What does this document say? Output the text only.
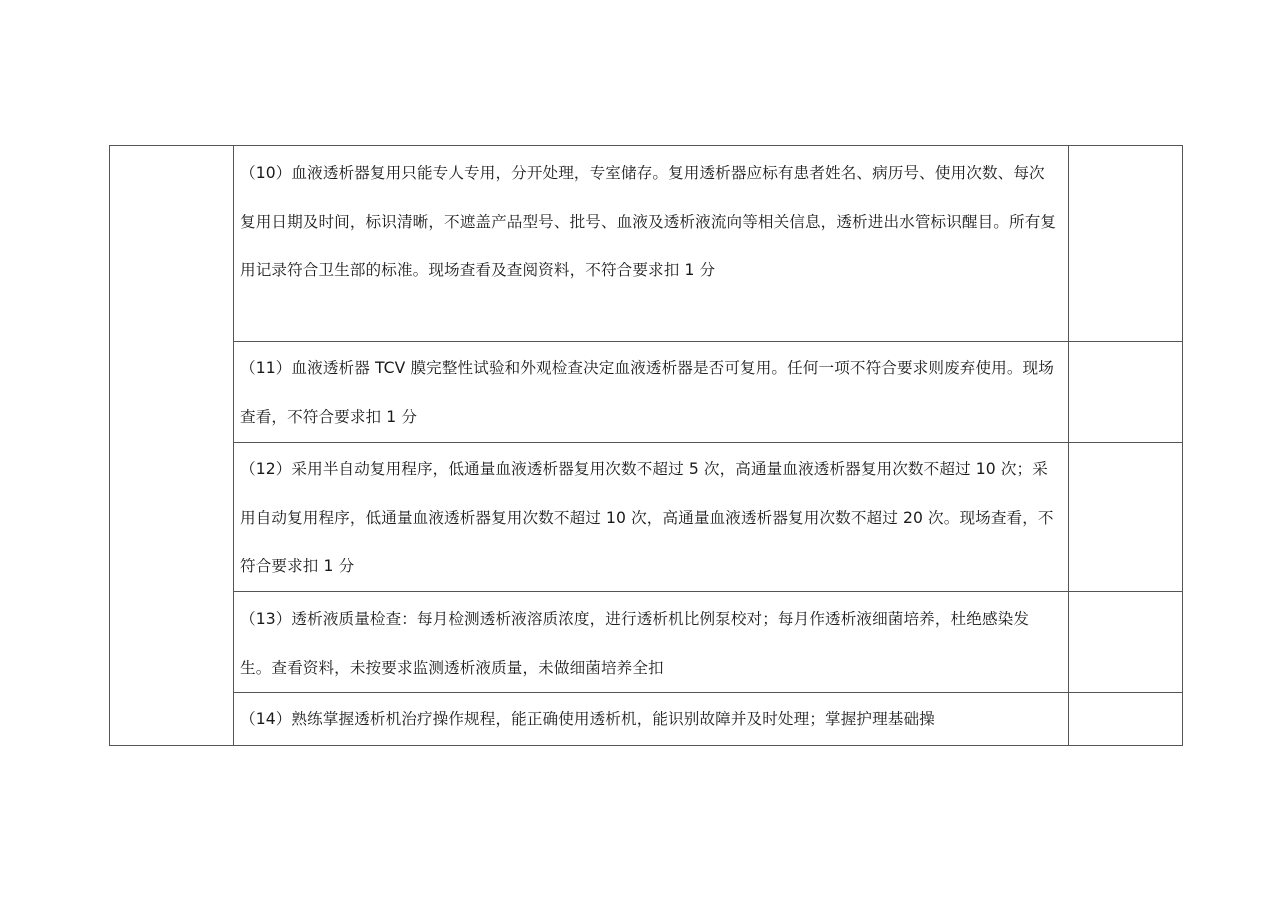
	（10）血液透析器复用只能专人专用，分开处理，专室储存。复用透析器应标有患者姓名、病历号、使用次数、每次复用日期及时间，标识清晰，不遮盖产品型号、批号、血液及透析液流向等相关信息，透析进出水管标识醒目。所有复用记录符合卫生部的标准。现场查看及查阅资料，不符合要求扣 1 分	

	（11）血液透析器 TCV 膜完整性试验和外观检查决定血液透析器是否可复用。任何一项不符合要求则废弃使用。现场查看，不符合要求扣 1 分	

	（12）采用半自动复用程序，低通量血液透析器复用次数不超过 5 次，高通量血液透析器复用次数不超过 10 次；采用自动复用程序，低通量血液透析器复用次数不超过 10 次，高通量血液透析器复用次数不超过 20 次。现场查看，不符合要求扣 1 分	

	（13）透析液质量检查：每月检测透析液溶质浓度，进行透析机比例泵校对；每月作透析液细菌培养，杜绝感染发生。查看资料，未按要求监测透析液质量，未做细菌培养全扣	

	（14）熟练掌握透析机治疗操作规程，能正确使用透析机，能识别故障并及时处理；掌握护理基础操	
